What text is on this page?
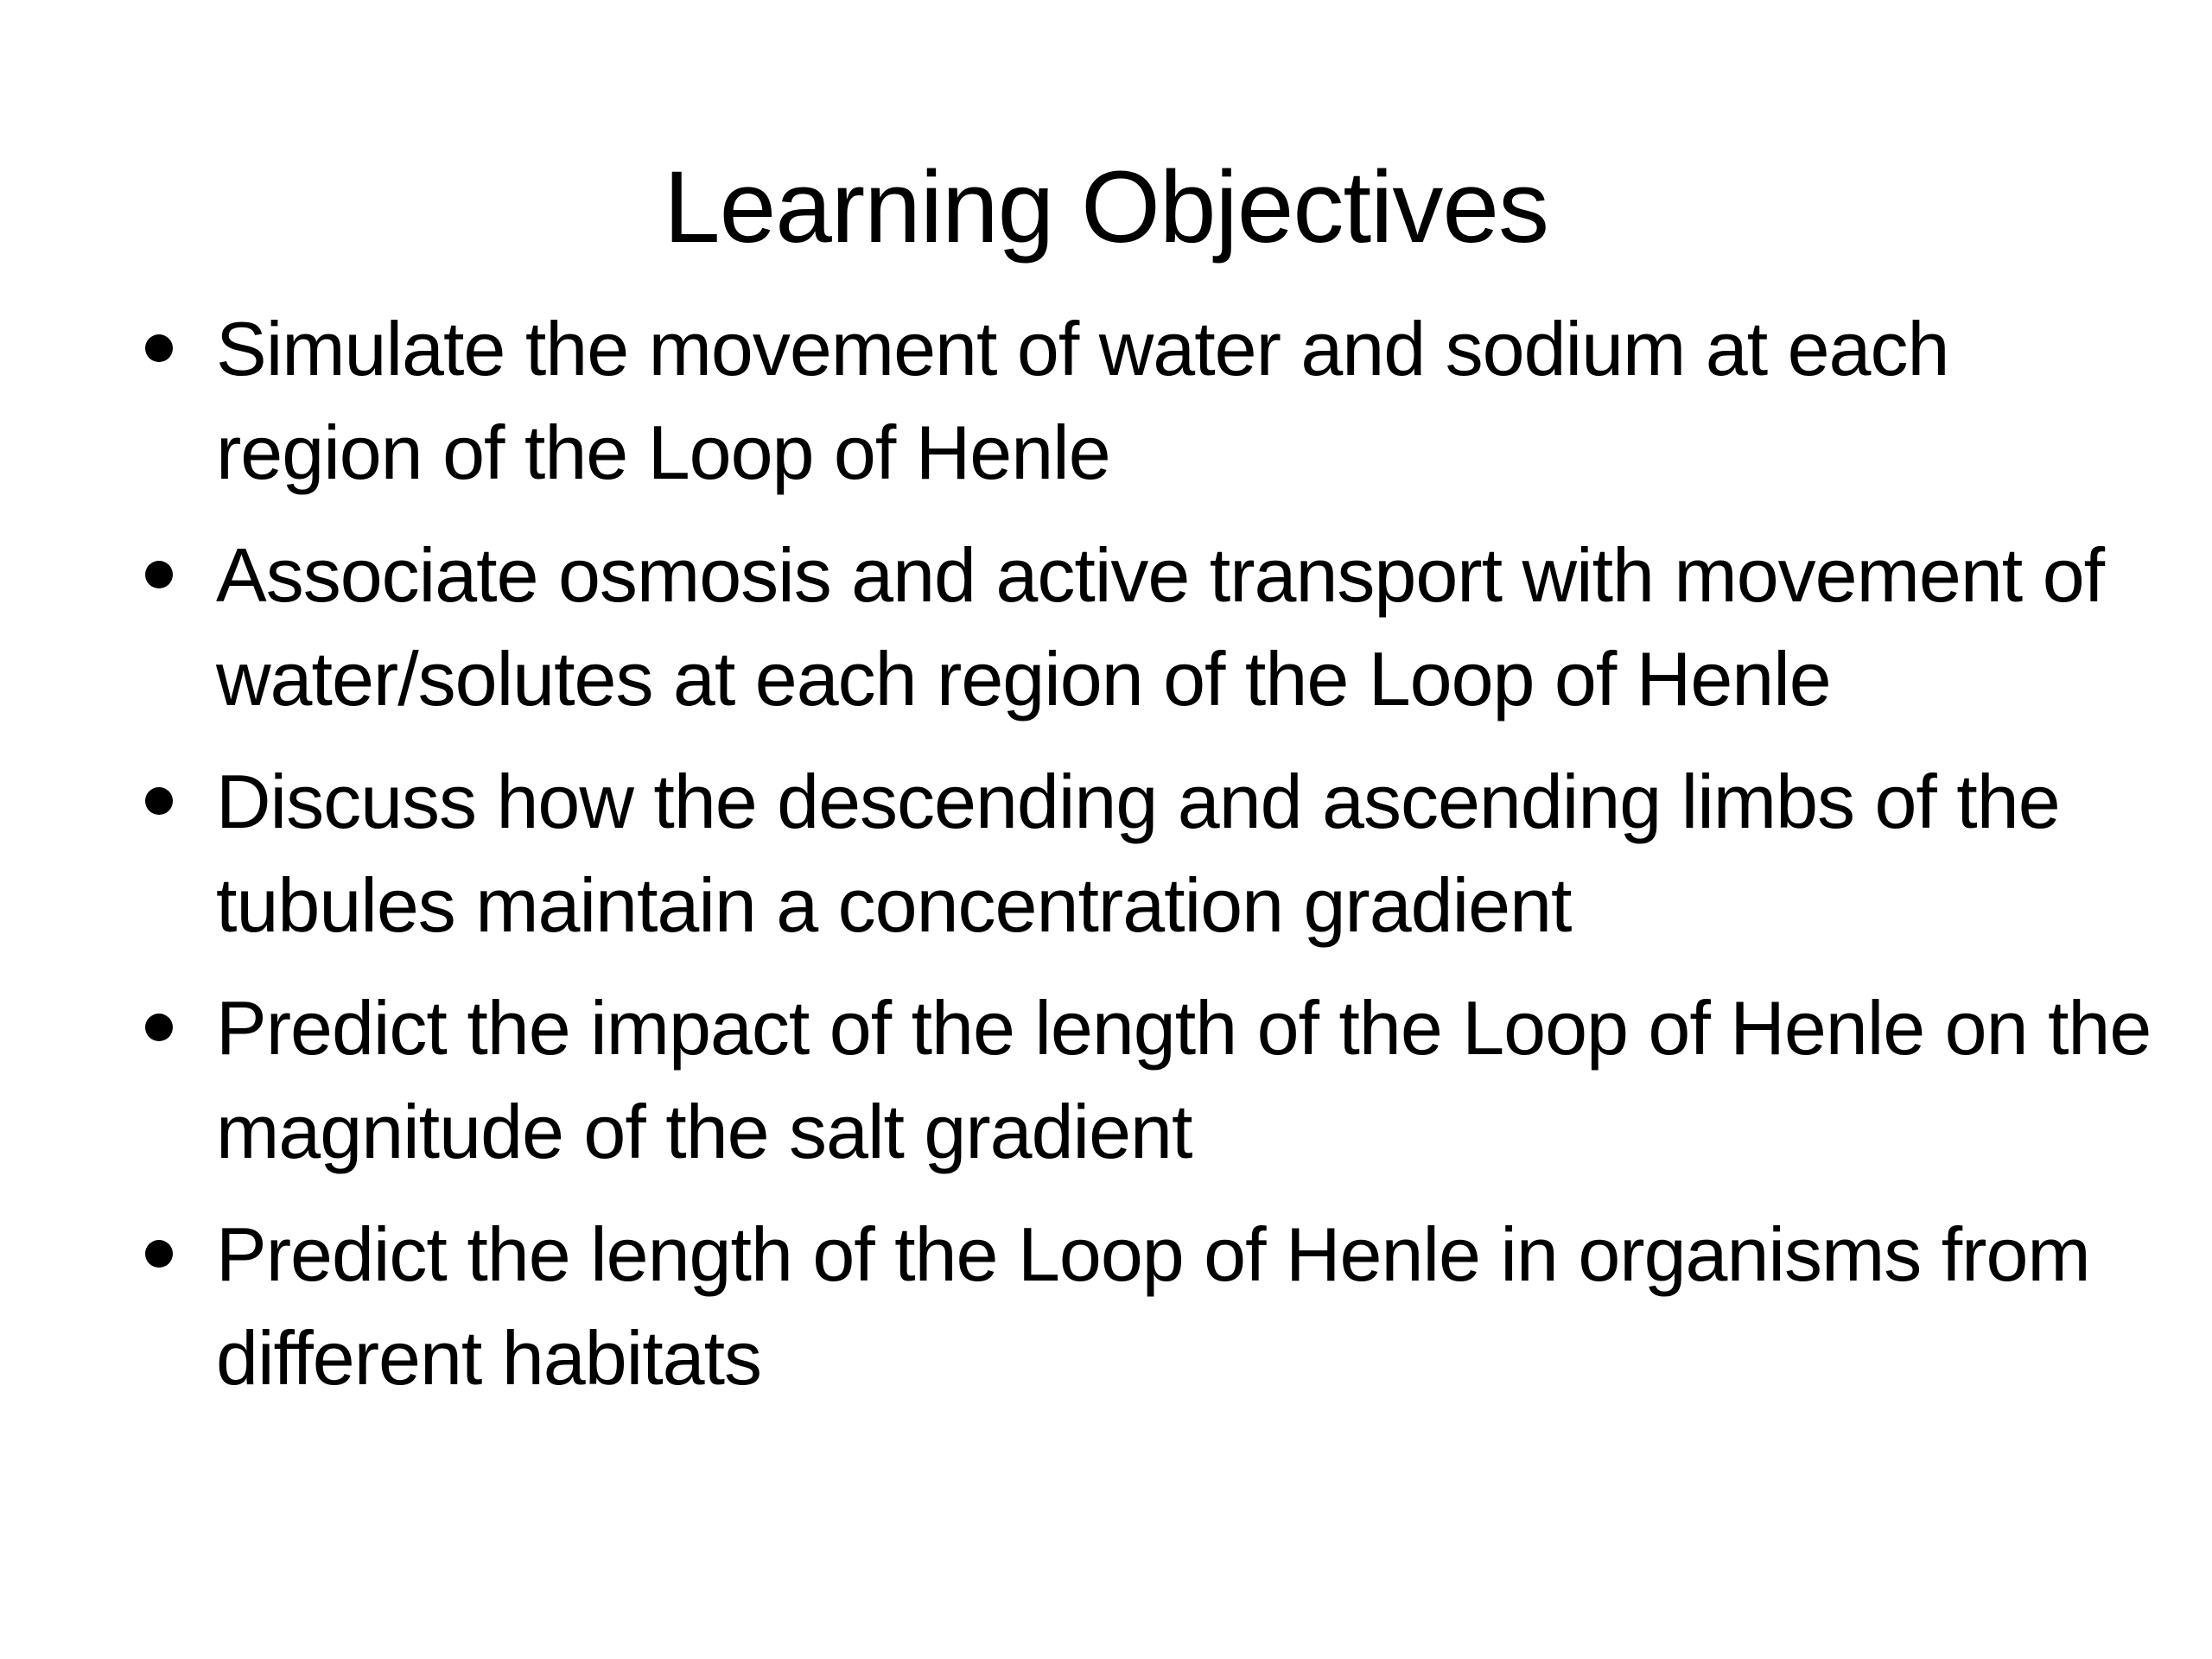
Learning Objectives
Simulate the movement of water and sodium at each region of the Loop of Henle
Associate osmosis and active transport with movement of water/solutes at each region of the Loop of Henle
Discuss how the descending and ascending limbs of the tubules maintain a concentration gradient
Predict the impact of the length of the Loop of Henle on the magnitude of the salt gradient
Predict the length of the Loop of Henle in organisms from different habitats
